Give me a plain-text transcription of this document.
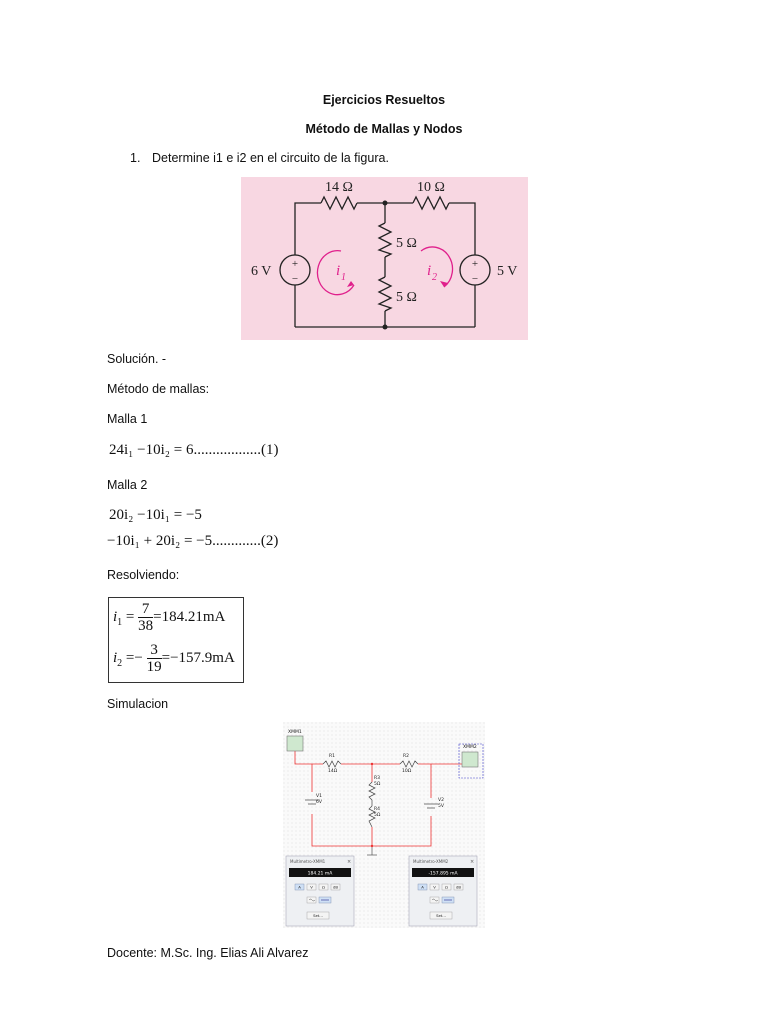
Ejercicios Resueltos
Método de Mallas y Nodos
1. Determine i1 e i2 en el circuito de la figura.
14 Ω	10 Ω
5 Ω
5 Ω
6 V	5 V
+
−
+
−
i 1	i 2
Solución. -
Método de mallas:
Malla 1
24i₁ −10i₂ = 6..................(1)
Malla 2
20i₂ −10i₁ = −5
−10i₁ + 20i₂ = −5.............(2)
Resolviendo:
$i_1 = \frac{7}{38} =184.21mA$
$i_2 =- \frac{3}{19} =-157.9mA$
Simulacion
XMM1
XMM2
R1
14Ω
R2
10Ω
R3
5Ω
R4
5Ω
V1
6V	V2
5V
Multímetro-XMM1	×
184.21 mA
A V Ω dB
Set...
Multímetro-XMM2	×
-157.895 mA
A V Ω dB
Set...
Docente: M.Sc. Ing. Elias Ali Alvarez
